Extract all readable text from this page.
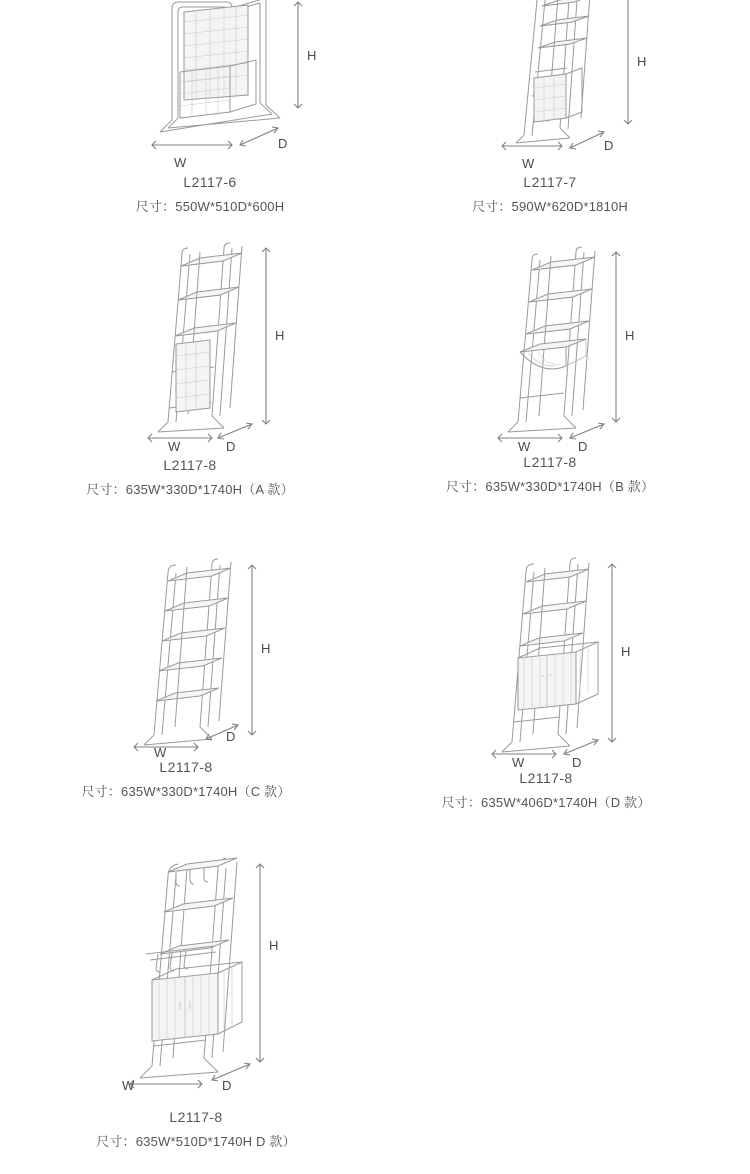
H
W
D

L2117-6

尺寸：550W*510D*600H

H
W
D

L2117-7

尺寸：590W*620D*1810H

H
W	D

L2117-8

尺寸：635W*330D*1740H（A 款）

H
W	D

L2117-8

尺寸：635W*330D*1740H（B 款）

H
W
D

L2117-8

尺寸：635W*330D*1740H（C 款）

H
W	D

L2117-8

尺寸：635W*406D*1740H（D 款）

H
W	D

L2117-8

尺寸：635W*510D*1740H D 款）
